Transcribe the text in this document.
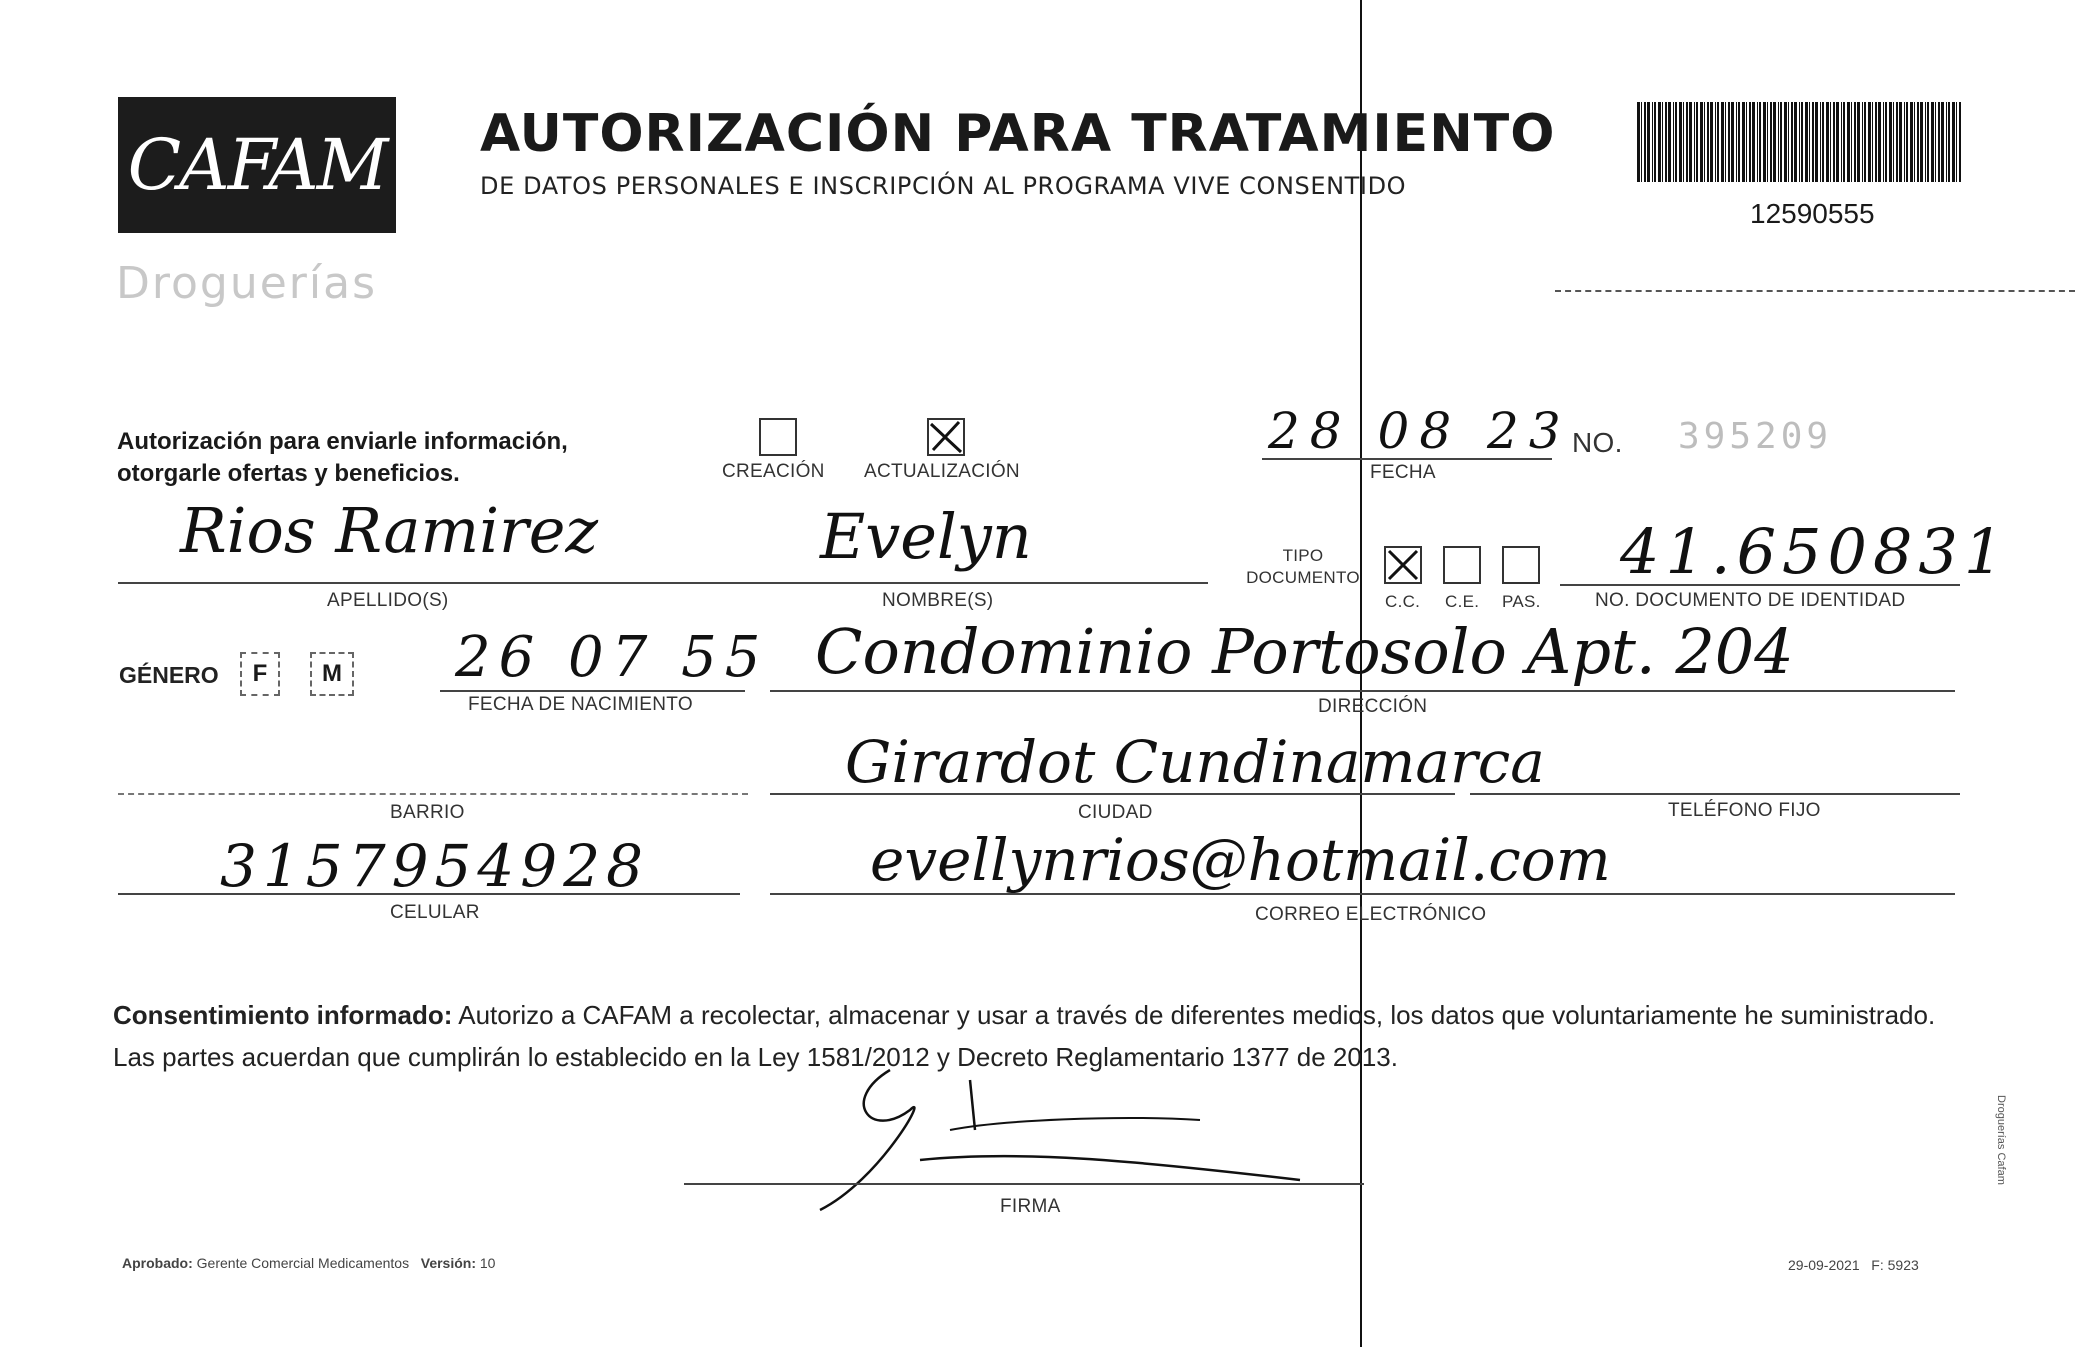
CAFAM
Droguerías
AUTORIZACIÓN PARA TRATAMIENTO
DE DATOS PERSONALES E INSCRIPCIÓN AL PROGRAMA VIVE CONSENTIDO
12590555
Autorización para enviarle información, otorgarle ofertas y beneficios.	CREACIÓN ACTUALIZACIÓN
28 08 23
FECHA
NO. 395209
Rios Ramirez
APELLIDO(S)
Evelyn
NOMBRE(S)
TIPO DOCUMENTO
C.C. C.E. PAS.
41.650831
NO. DOCUMENTO DE IDENTIDAD
GÉNERO	F	M 26 07 55
FECHA DE NACIMIENTO
Condominio Portosolo Apt. 204
DIRECCIÓN
BARRIO
Girardot Cundinamarca
CIUDAD	TELÉFONO FIJO
3157954928
CELULAR
evellynrios@hotmail.com
CORREO ELECTRÓNICO
Consentimiento informado: Autorizo a CAFAM a recolectar, almacenar y usar a través de diferentes medios, los datos que voluntariamente he suministrado.
Las partes acuerdan que cumplirán lo establecido en la Ley 1581/2012 y Decreto Reglamentario 1377 de 2013.
FIRMA
Aprobado: Gerente Comercial Medicamentos Versión: 10	29-09-2021 F: 5923
Droguerías Cafam
